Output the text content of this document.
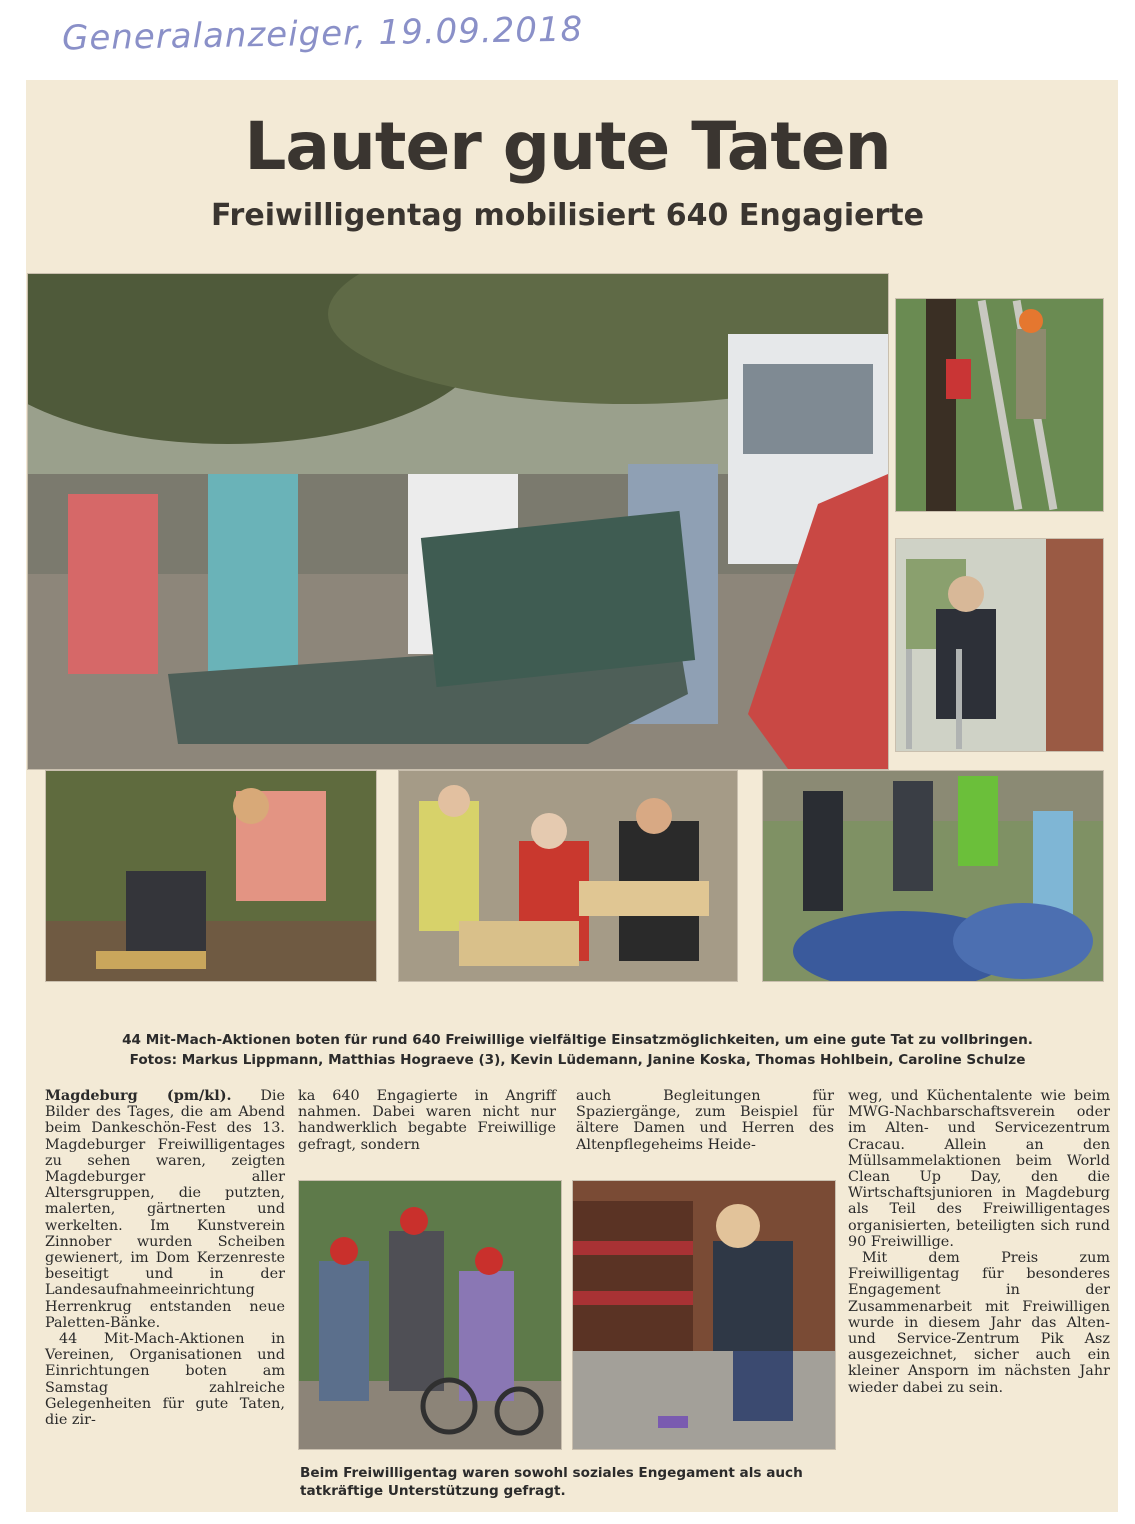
Generalanzeiger, 19.09.2018
Lauter gute Taten
Freiwilligentag mobilisiert 640 Engagierte
44 Mit-Mach-Aktionen boten für rund 640 Freiwillige vielfältige Einsatzmöglichkeiten, um eine gute Tat zu vollbringen.
Fotos: Markus Lippmann, Matthias Hograeve (3), Kevin Lüdemann, Janine Koska, Thomas Hohlbein, Caroline Schulze

Magdeburg (pm/kl). Die Bilder des Tages, die am Abend beim Dankeschön-Fest des 13. Magdeburger Freiwilligentages zu sehen waren, zeigten Magdeburger aller Altersgruppen, die putzten, malerten, gärtnerten und werkelten. Im Kunstverein Zinnober wurden Scheiben gewienert, im Dom Kerzenreste beseitigt und in der Landesaufnahmeeinrichtung Herrenkrug entstanden neue Paletten-Bänke.

44 Mit-Mach-Aktionen in Vereinen, Organisationen und Einrichtungen boten am Samstag zahlreiche Gelegenheiten für gute Taten, die zir-

ka 640 Engagierte in Angriff nahmen. Dabei waren nicht nur handwerklich begabte Freiwillige gefragt, sondern

auch Begleitungen für Spaziergänge, zum Beispiel für ältere Damen und Herren des Altenpflegeheims Heide-

weg, und Küchentalente wie beim MWG-Nachbarschaftsverein oder im Alten- und Servicezentrum Cracau. Allein an den Müllsammelaktionen beim World Clean Up Day, den die Wirtschaftsjunioren in Magdeburg als Teil des Freiwilligentages organisierten, beteiligten sich rund 90 Freiwillige.

Mit dem Preis zum Freiwilligentag für besonderes Engagement in der Zusammenarbeit mit Freiwilligen wurde in diesem Jahr das Alten- und Service-Zentrum Pik Asz ausgezeichnet, sicher auch ein kleiner Ansporn im nächsten Jahr wieder dabei zu sein.

Beim Freiwilligentag waren sowohl soziales Engegament als auch tatkräftige Unterstützung gefragt.
